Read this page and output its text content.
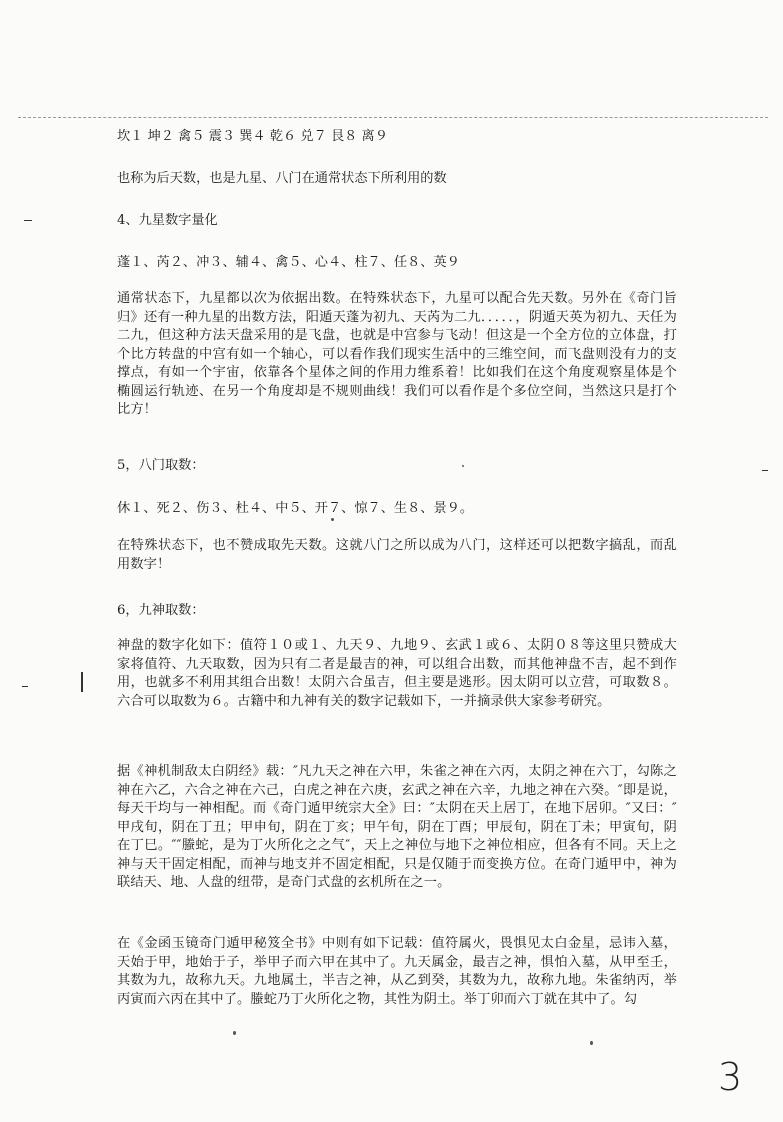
坎１ 坤２ 禽５ 震３ 巽４ 乾６ 兑７ 艮８ 离９

也称为后天数，也是九星、八门在通常状态下所利用的数

4、九星数字量化

蓬１、芮２、冲３、辅４、禽５、心４、柱７、任８、英９

通常状态下，九星都以次为依据出数。在特殊状态下，九星可以配合先天数。另外在《奇门旨归》还有一种九星的出数方法，阳遁天蓬为初九、天芮为二九．．．．．，阴遁天英为初九、天任为二九，但这种方法天盘采用的是飞盘，也就是中宫参与飞动！但这是一个全方位的立体盘，打个比方转盘的中宫有如一个轴心，可以看作我们现实生活中的三维空间，而飞盘则没有力的支撑点，有如一个宇宙，依靠各个星体之间的作用力维系着！比如我们在这个角度观察星体是个椭圆运行轨迹、在另一个角度却是不规则曲线！我们可以看作是个多位空间，当然这只是打个比方！

5，八门取数：

休１、死２、伤３、杜４、中５、开７、惊７、生８、景９。

在特殊状态下，也不赞成取先天数。这就八门之所以成为八门，这样还可以把数字搞乱，而乱用数字！

6，九神取数：

神盘的数字化如下：值符１０或１、九天９、九地９、玄武１或６、太阴０８等这里只赞成大家将值符、九天取数，因为只有二者是最吉的神，可以组合出数，而其他神盘不吉，起不到作用，也就多不利用其组合出数！太阴六合虽吉，但主要是逃形。因太阴可以立营，可取数８。六合可以取数为６。古籍中和九神有关的数字记载如下，一并摘录供大家参考研究。

据《神机制敌太白阴经》载：″凡九天之神在六甲，朱雀之神在六丙，太阴之神在六丁，勾陈之神在六乙，六合之神在六己，白虎之神在六庚，玄武之神在六辛，九地之神在六癸。″即是说，每天干均与一神相配。而《奇门遁甲统宗大全》曰：″太阴在天上居丁，在地下居卯。″又曰：″甲戌旬，阴在丁丑；甲申旬，阴在丁亥；甲午旬，阴在丁酉；甲辰旬，阴在丁未；甲寅旬，阴在丁巳。″″螣蛇，是为丁火所化之之气″，天上之神位与地下之神位相应，但各有不同。天上之神与天干固定相配，而神与地支并不固定相配，只是仅随于而变换方位。在奇门遁甲中，神为联结天、地、人盘的纽带，是奇门式盘的玄机所在之一。

在《金函玉镜奇门遁甲秘笈全书》中则有如下记载：值符属火，畏惧见太白金星，忌讳入墓，天始于甲，地始于子，举甲子而六甲在其中了。九天属金，最吉之神，惧怕入墓，从甲至壬，其数为九，故称九天。九地属土，半吉之神，从乙到癸，其数为九，故称九地。朱雀纳丙，举丙寅而六丙在其中了。螣蛇乃丁火所化之物，其性为阴土。举丁卯而六丁就在其中了。勾

3
